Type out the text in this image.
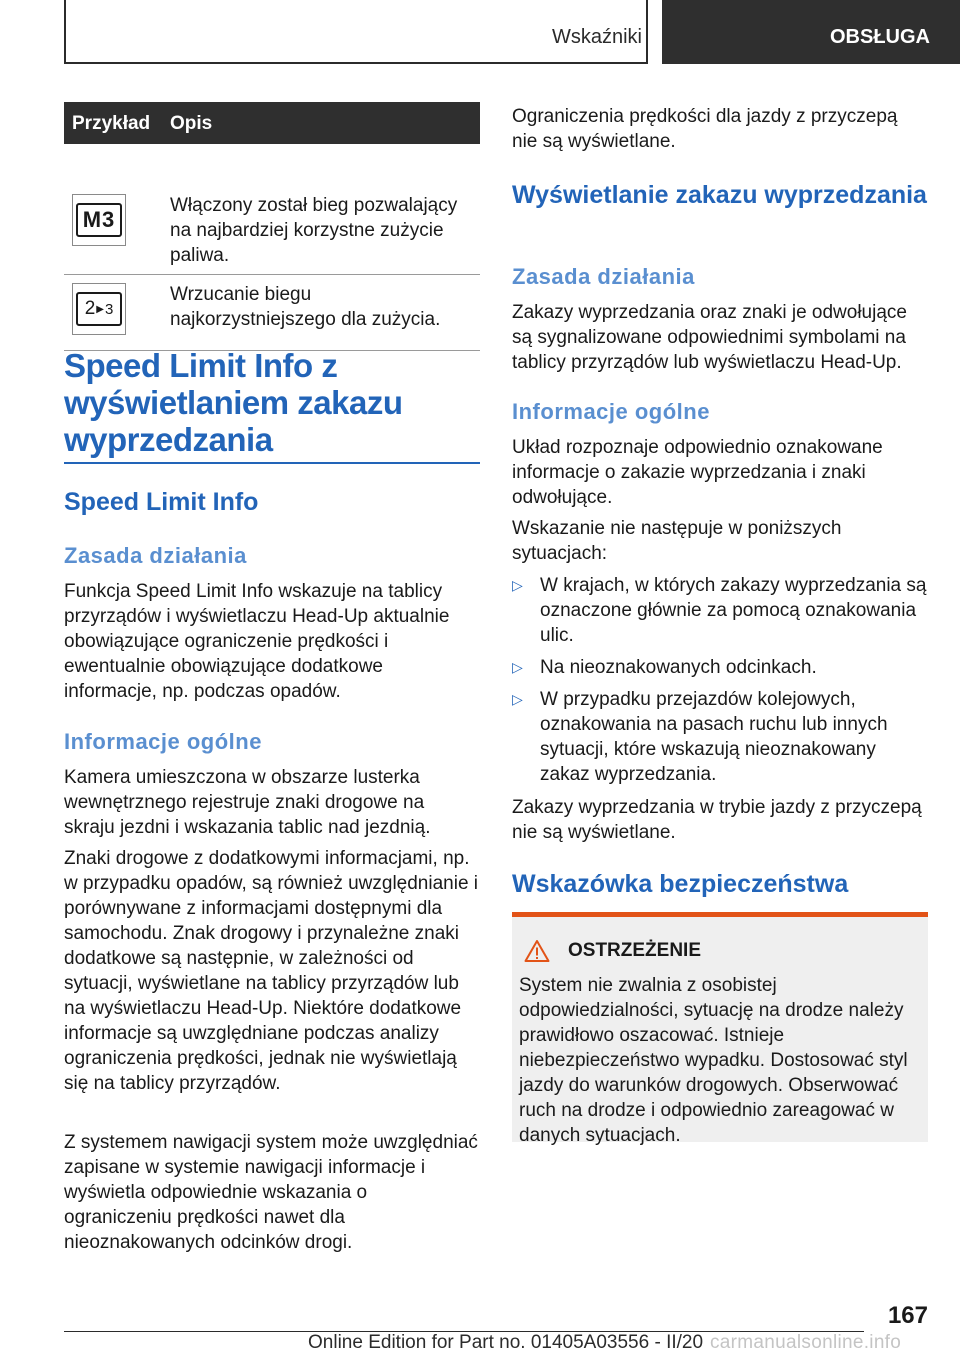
Wskaźniki	OBSŁUGA
Przykład Opis
M3
Włączony został bieg pozwalający na najbardziej korzystne zużycie paliwa.
2 ▶ 3
Wrzucanie biegu najkorzystniejszego dla zużycia.
Speed Limit Info z wyświetlaniem zakazu wyprzedzania
Speed Limit Info
Zasada działania
Funkcja Speed Limit Info wskazuje na tablicy przyrządów i wyświetlaczu Head-Up aktualnie obowiązujące ograniczenie prędkości i ewentualnie obowiązujące dodatkowe informacje, np. podczas opadów.
Informacje ogólne
Kamera umieszczona w obszarze lusterka wewnętrznego rejestruje znaki drogowe na skraju jezdni i wskazania tablic nad jezdnią.
Znaki drogowe z dodatkowymi informacjami, np. w przypadku opadów, są również uwzględnianie i porównywane z informacjami dostępnymi dla samochodu. Znak drogowy i przynależne znaki dodatkowe są następnie, w zależności od sytuacji, wyświetlane na tablicy przyrządów lub na wyświetlaczu Head-Up. Niektóre dodatkowe informacje są uwzględniane podczas analizy ograniczenia prędkości, jednak nie wyświetlają się na tablicy przyrządów.
Z systemem nawigacji system może uwzględniać zapisane w systemie nawigacji informacje i wyświetla odpowiednie wskazania o ograniczeniu prędkości nawet dla nieoznakowanych odcinków drogi.
Ograniczenia prędkości dla jazdy z przyczepą nie są wyświetlane.
Wyświetlanie zakazu wyprzedzania
Zasada działania
Zakazy wyprzedzania oraz znaki je odwołujące są sygnalizowane odpowiednimi symbolami na tablicy przyrządów lub wyświetlaczu Head-Up.
Informacje ogólne
Układ rozpoznaje odpowiednio oznakowane informacje o zakazie wyprzedzania i znaki odwołujące.
Wskazanie nie następuje w poniższych sytuacjach:
▷ W krajach, w których zakazy wyprzedzania są oznaczone głównie za pomocą oznakowania ulic.
▷ Na nieoznakowanych odcinkach.
▷ W przypadku przejazdów kolejowych, oznakowania na pasach ruchu lub innych sytuacji, które wskazują nieoznakowany zakaz wyprzedzania.
Zakazy wyprzedzania w trybie jazdy z przyczepą nie są wyświetlane.
Wskazówka bezpieczeństwa
OSTRZEŻENIE
System nie zwalnia z osobistej odpowiedzialności, sytuację na drodze należy prawidłowo oszacować. Istnieje niebezpieczeństwo wypadku. Dostosować styl jazdy do warunków drogowych. Obserwować ruch na drodze i odpowiednio zareagować w danych sytuacjach.
167
Online Edition for Part no. 01405A03556 - II/20 carmanualsonline.info
